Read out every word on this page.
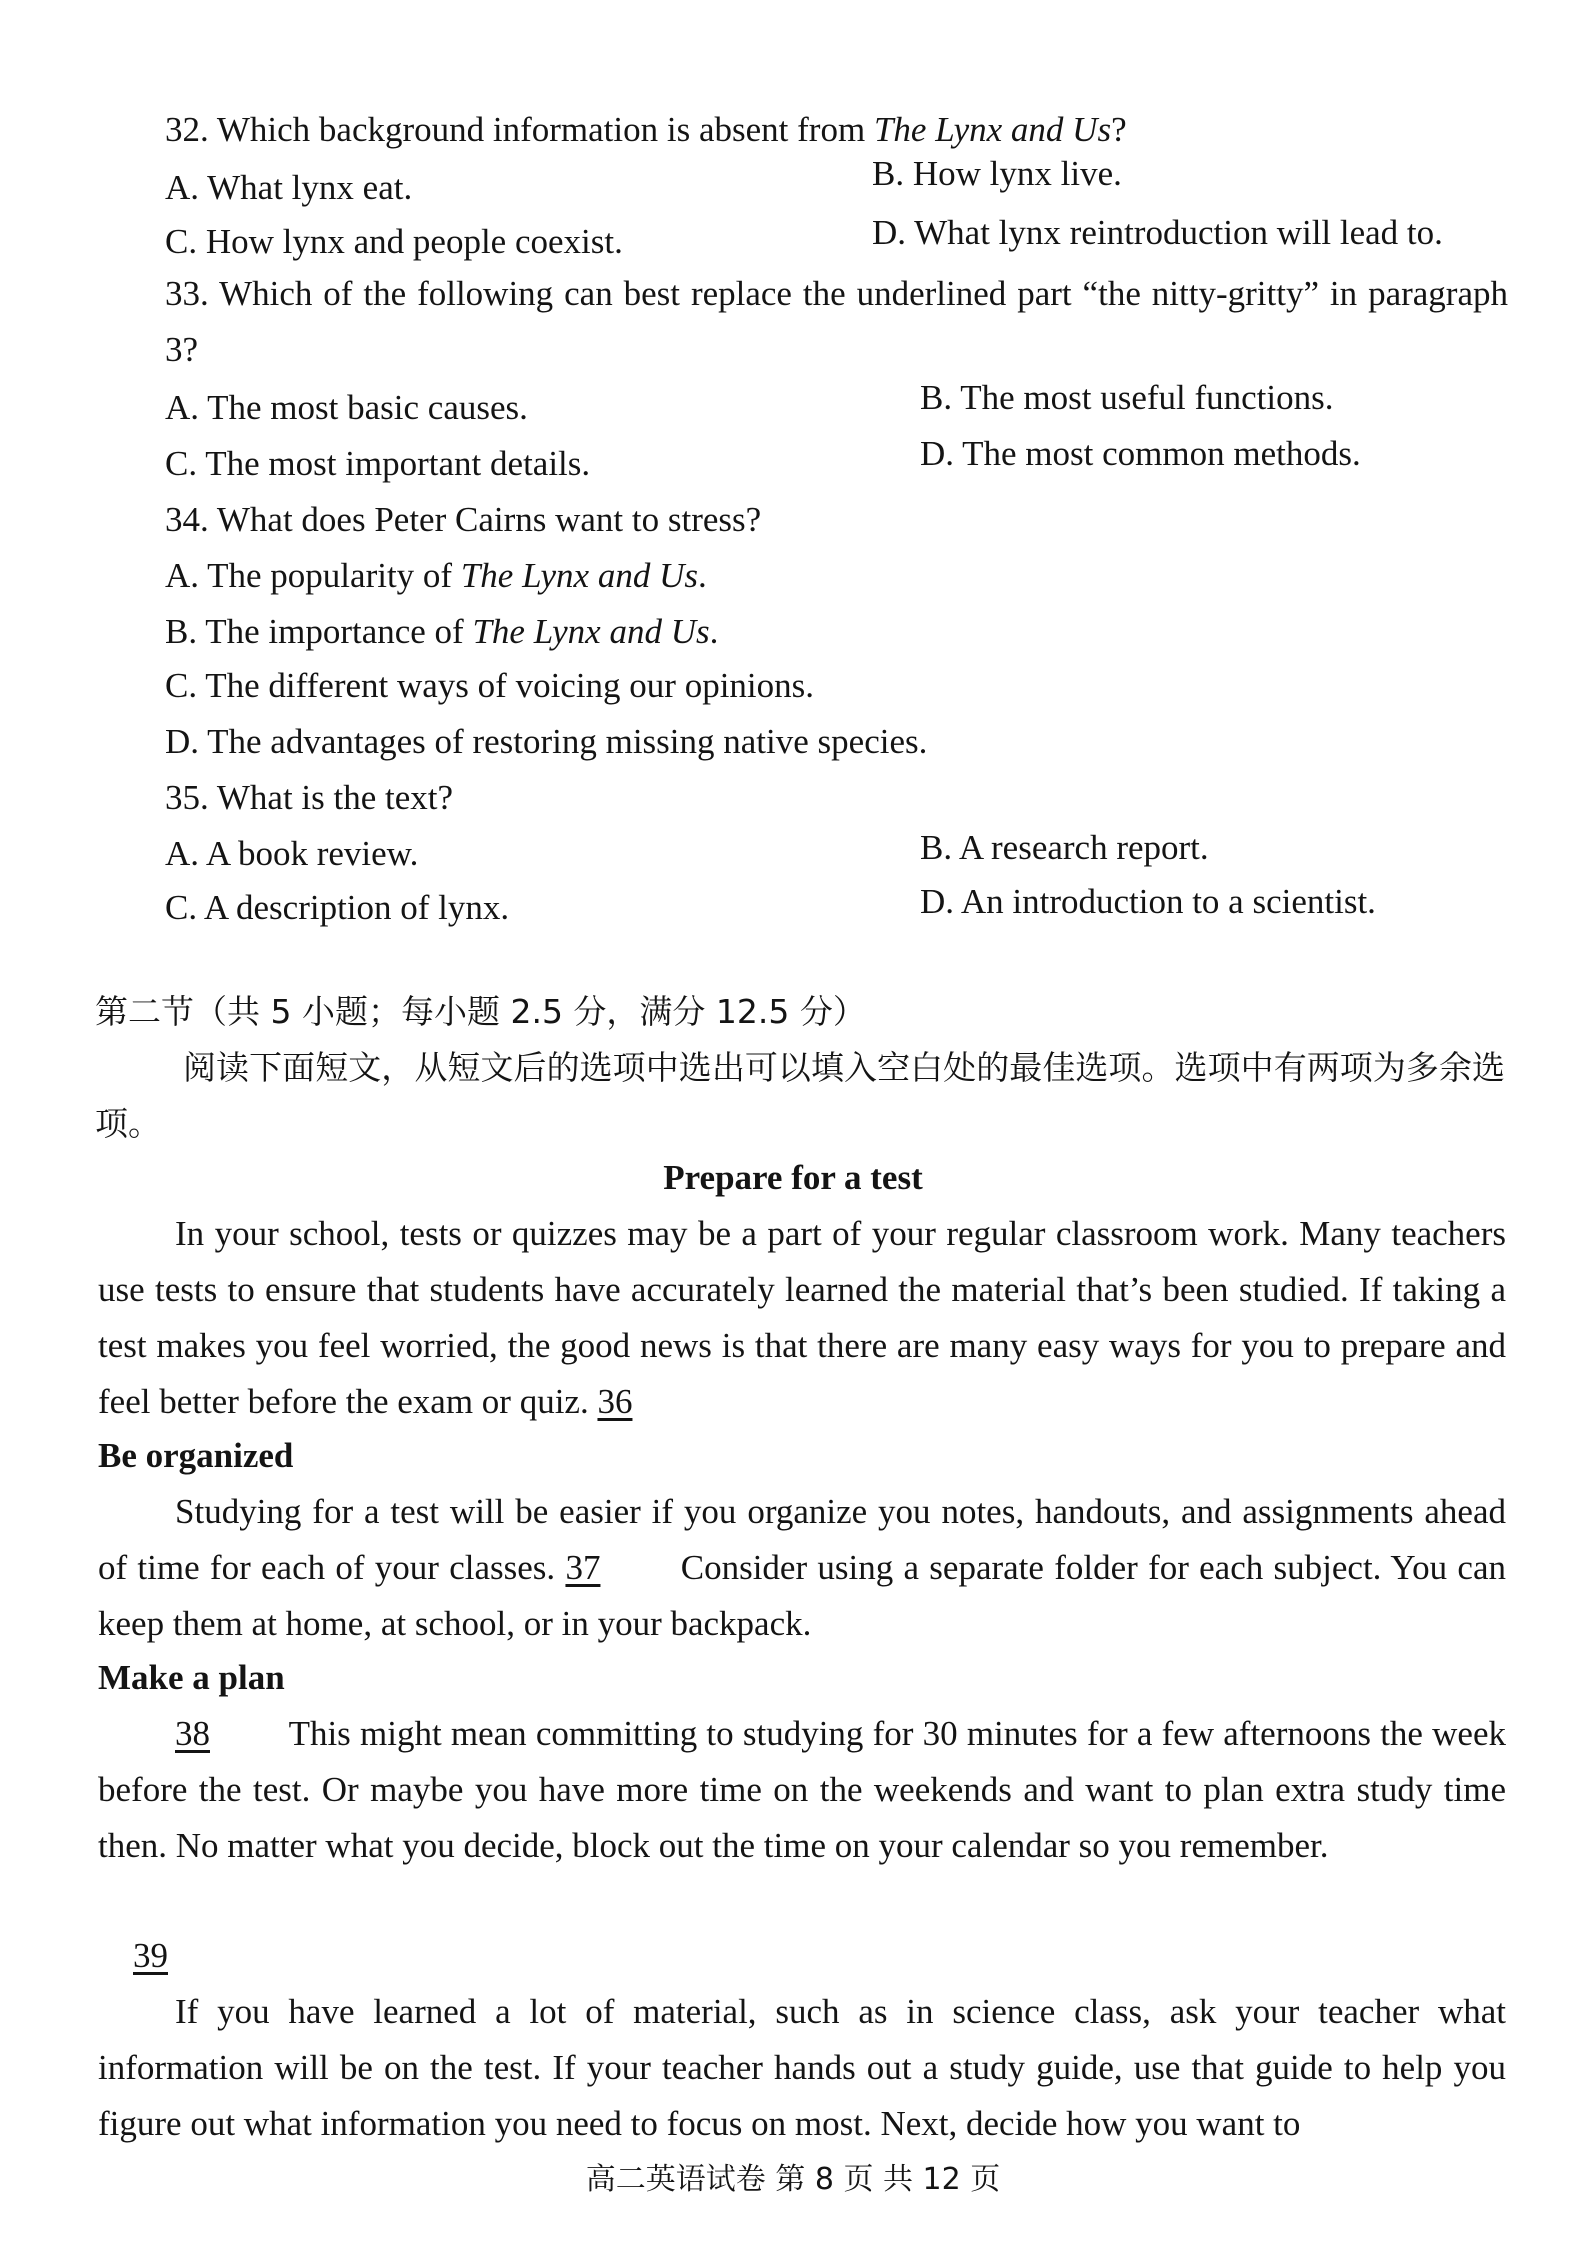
32. Which background information is absent from The Lynx and Us?
A. What lynx eat.	B. How lynx live.
C. How lynx and people coexist.	D. What lynx reintroduction will lead to.
33. Which of the following can best replace the underlined part “the nitty-gritty” in paragraph 3?
A. The most basic causes.	B. The most useful functions.
C. The most important details.	D. The most common methods.
34. What does Peter Cairns want to stress?
A. The popularity of The Lynx and Us.
B. The importance of The Lynx and Us.
C. The different ways of voicing our opinions.
D. The advantages of restoring missing native species.
35. What is the text?
A. A book review.	B. A research report.
C. A description of lynx.	D. An introduction to a scientist.
第二节（共 5 小题；每小题 2.5 分，满分 12.5 分）
阅读下面短文，从短文后的选项中选出可以填入空白处的最佳选项。选项中有两项为多余选项。
Prepare for a test
In your school, tests or quizzes may be a part of your regular classroom work. Many teachers use tests to ensure that students have accurately learned the material that’s been studied. If taking a test makes you feel worried, the good news is that there are many easy ways for you to prepare and feel better before the exam or quiz. 36
Be organized
Studying for a test will be easier if you organize you notes, handouts, and assignments ahead of time for each of your classes. 37 Consider using a separate folder for each subject. You can keep them at home, at school, or in your backpack.
Make a plan
38 This might mean committing to studying for 30 minutes for a few afternoons the week before the test. Or maybe you have more time on the weekends and want to plan extra study time then. No matter what you decide, block out the time on your calendar so you remember.
39
If you have learned a lot of material, such as in science class, ask your teacher what information will be on the test. If your teacher hands out a study guide, use that guide to help you figure out what information you need to focus on most. Next, decide how you want to
高二英语试卷 第 8 页 共 12 页
